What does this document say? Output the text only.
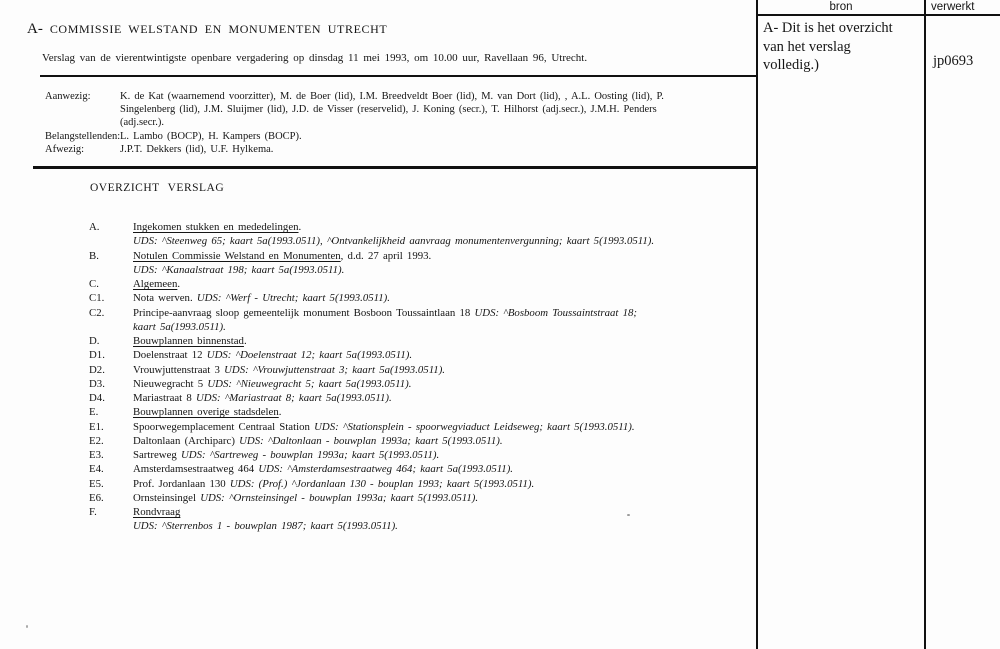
A- COMMISSIE WELSTAND EN MONUMENTEN UTRECHT
Verslag van de vierentwintigste openbare vergadering op dinsdag 11 mei 1993, om 10.00 uur, Ravellaan 96, Utrecht.
Aanwezig:	K. de Kat (waarnemend voorzitter), M. de Boer (lid), I.M. Breedveldt Boer (lid), M. van Dort (lid), , A.L. Oosting (lid), P.
Singelenberg (lid), J.M. Sluijmer (lid), J.D. de Visser (reservelid), J. Koning (secr.), T. Hilhorst (adj.secr.), J.M.H. Penders
(adj.secr.).
Belangstellenden: L. Lambo (BOCP), H. Kampers (BOCP).
Afwezig:	J.P.T. Dekkers (lid), U.F. Hylkema.
OVERZICHT VERSLAG
A.	Ingekomen stukken en mededelingen.
UDS: ^Steenweg 65; kaart 5a(1993.0511), ^Ontvankelijkheid aanvraag monumentenvergunning; kaart 5(1993.0511).
B.	Notulen Commissie Welstand en Monumenten, d.d. 27 april 1993.
UDS: ^Kanaalstraat 198; kaart 5a(1993.0511).
C.	Algemeen.
C1.	Nota werven. UDS: ^Werf - Utrecht; kaart 5(1993.0511).
C2.	Principe-aanvraag sloop gemeentelijk monument Bosboon Toussaintlaan 18 UDS: ^Bosboom Toussaintstraat 18;
kaart 5a(1993.0511).
D.	Bouwplannen binnenstad.
D1.	Doelenstraat 12 UDS: ^Doelenstraat 12; kaart 5a(1993.0511).
D2.	Vrouwjuttenstraat 3 UDS: ^Vrouwjuttenstraat 3; kaart 5a(1993.0511).
D3.	Nieuwegracht 5 UDS: ^Nieuwegracht 5; kaart 5a(1993.0511).
D4.	Mariastraat 8 UDS: ^Mariastraat 8; kaart 5a(1993.0511).
E.	Bouwplannen overige stadsdelen.
E1.	Spoorwegemplacement Centraal Station UDS: ^Stationsplein - spoorwegviaduct Leidseweg; kaart 5(1993.0511).
E2.	Daltonlaan (Archiparc) UDS: ^Daltonlaan - bouwplan 1993a; kaart 5(1993.0511).
E3.	Sartreweg UDS: ^Sartreweg - bouwplan 1993a; kaart 5(1993.0511).
E4.	Amsterdamsestraatweg 464 UDS: ^Amsterdamsestraatweg 464; kaart 5a(1993.0511).
E5.	Prof. Jordanlaan 130 UDS: (Prof.) ^Jordanlaan 130 - bouplan 1993; kaart 5(1993.0511).
E6.	Ornsteinsingel UDS: ^Ornsteinsingel - bouwplan 1993a; kaart 5(1993.0511).
F.	Rondvraag
UDS: ^Sterrenbos 1 - bouwplan 1987; kaart 5(1993.0511).
bron	verwerkt
A- Dit is het overzicht
van het verslag
volledig.)	jp0693
